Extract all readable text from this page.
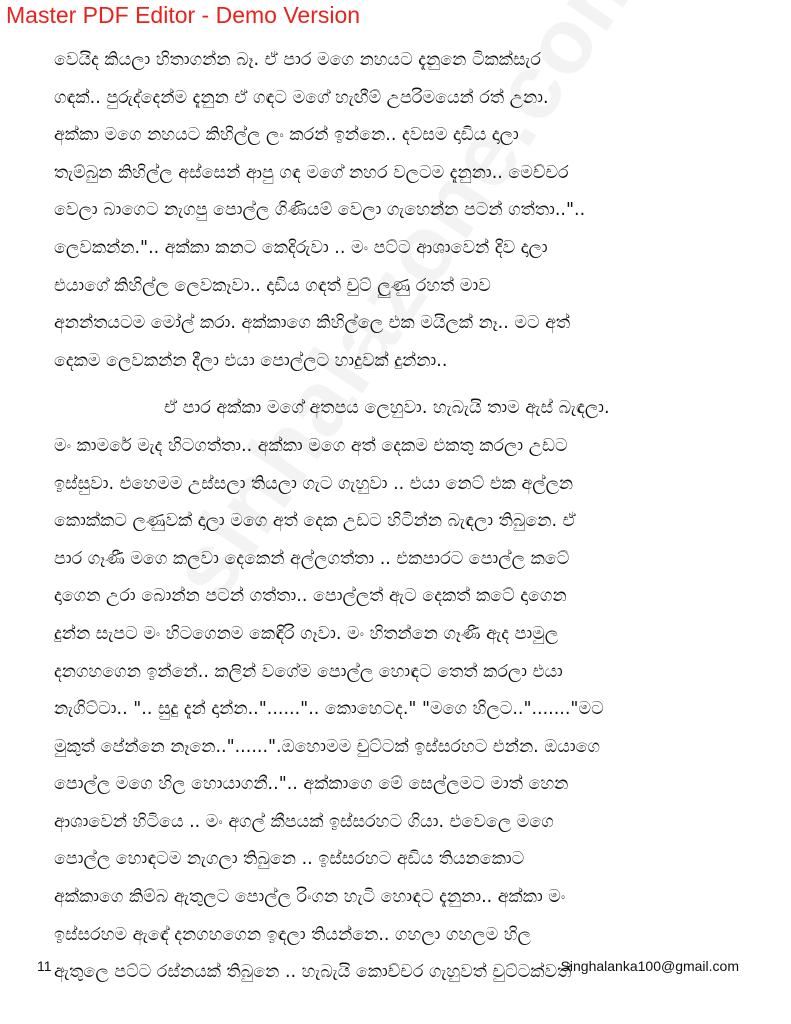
Master PDF Editor - Demo Version
වෙයිද කියලා හිතාගන්න බෑ. ඒ පාර මගෙ නහයට දැනුනෙ ටිකක්සැර
ගඳක්.. පුරුද්දෙන්ම දැනුන ඒ ගඳට මගේ හැඟීම් උපරිමයෙන් රත් උනා.
අක්කා මගෙ නහයට කිහිල්ල ලං කරන් ඉන්නෙ.. දවසම දාඩිය දාලා
තැම්බුන කිහිල්ල අස්සෙන් ආපු ගඳ මගේ නහර වලටම දැනුනා.. මෙච්චර
වෙලා බාගෙට නැගපු පොල්ල ගිණියම් වෙලා ගැහෙන්න පටන් ගත්තා.."..
ලෙවකන්න.".. අක්කා කනට කෙදිරුවා .. මං පට්ට ආශාවෙන් දිව දාලා
එයාගේ කිහිල්ල ලෙවකෑවා.. දාඩිය ගඳත් චුට් ලුණු රහත් මාව
අනන්තයටම මෝල් කරා. අක්කාගෙ කිහිල්ලෙ එක මයිලක් නෑ.. මට අත්
දෙකම ලෙවකන්න දීලා එයා පොල්ලට හාදුවක් දුන්නා..
ඒ පාර අක්කා මගේ අතපය ලෙහුවා. හැබැයි තාම ඇස් බැඳලා.
මං කාමරේ මැද හිටගත්තා.. අක්කා මගෙ අත් දෙකම එකතු කරලා උඩට
ඉස්සුවා. එහෙමම උස්සලා තියලා ගැට ගැහුවා .. එයා නෙට් එක අල්ලන
කොක්කට ලණුවක් දාලා මගෙ අත් දෙක උඩට හිටින්න බැඳලා තිබුනෙ. ඒ
පාර ගෑණී මගෙ කලවා දෙකෙන් අල්ලගත්තා .. එකපාරට පොල්ල කටේ
දාගෙන උරා බොන්න පටන් ගත්තා.. පොල්ලත් ඇට දෙකත් කටේ දාගෙන
දුන්න සැපට මං හිටගෙනම කෙඳිරි ගෑවා. මං හිතන්නෙ ගෑණී ඇද පාමුල
දනගහගෙන ඉන්නේ.. කලින් වගේම පොල්ල හොඳට තෙත් කරලා එයා
නැගිට්ටා.. ".. සුදු දැන් දාන්න.."......".. කොහෙටද." "මගෙ හිලට.."......."මට
මුකුත් පේන්නෙ නෑනෙ.."......".ඔහොමම චුට්ටක් ඉස්සරහට එන්න. ඔයාගෙ
පොල්ල මගෙ හිල හොයාගනී..".. අක්කාගෙ මේ සෙල්ලමට මාත් හෙන
ආශාවෙන් හිටියෙ .. මං අගල් කීපයක් ඉස්සරහට ගියා. එවෙලෙ මගෙ
පොල්ල හොඳටම නැගලා තිබුනෙ .. ඉස්සරහට අඩිය තියනකොට
අක්කාගෙ කිම්බ ඇතුලට පොල්ල රිංගන හැටි හොඳට දැනුනා.. අක්කා මං
ඉස්සරහම ඇඳේ දනගහගෙන ඉඳලා තියන්නෙ.. ගහලා ගහලම හිල
ඇතුලෙ පට්ට රස්නයක් තිබුනෙ .. හැබැයි කොච්චර ගැහුවත් චුට්ටක්වත්
11	Singhalanka100@gmail.com
